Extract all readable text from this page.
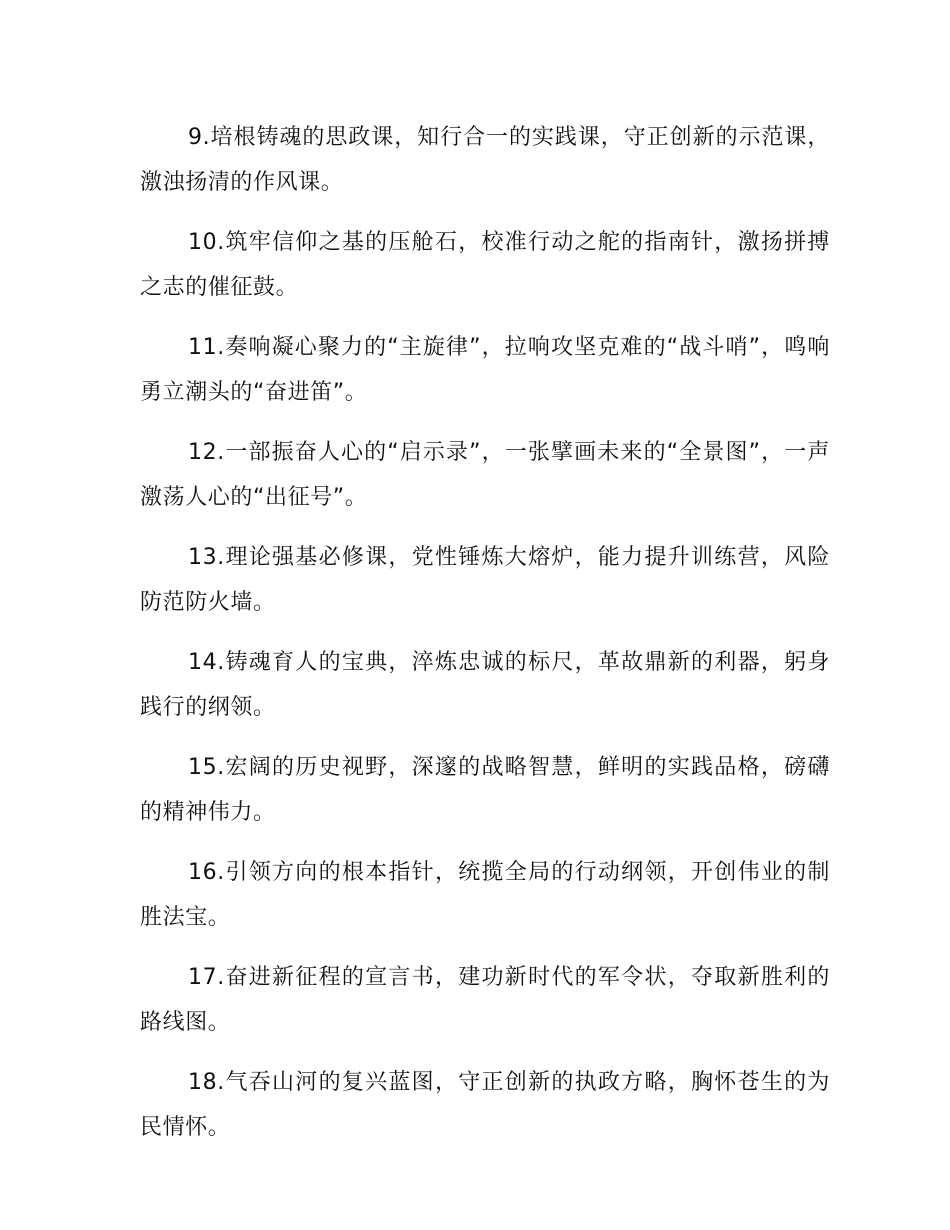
9.培根铸魂的思政课，知行合一的实践课，守正创新的示范课，激浊扬清的作风课。

10.筑牢信仰之基的压舱石，校准行动之舵的指南针，激扬拼搏之志的催征鼓。

11.奏响凝心聚力的“主旋律”，拉响攻坚克难的“战斗哨”，鸣响勇立潮头的“奋进笛”。

12.一部振奋人心的“启示录”，一张擘画未来的“全景图”，一声激荡人心的“出征号”。

13.理论强基必修课，党性锤炼大熔炉，能力提升训练营，风险防范防火墙。

14.铸魂育人的宝典，淬炼忠诚的标尺，革故鼎新的利器，躬身践行的纲领。

15.宏阔的历史视野，深邃的战略智慧，鲜明的实践品格，磅礴的精神伟力。

16.引领方向的根本指针，统揽全局的行动纲领，开创伟业的制胜法宝。

17.奋进新征程的宣言书，建功新时代的军令状，夺取新胜利的路线图。

18.气吞山河的复兴蓝图，守正创新的执政方略，胸怀苍生的为民情怀。
